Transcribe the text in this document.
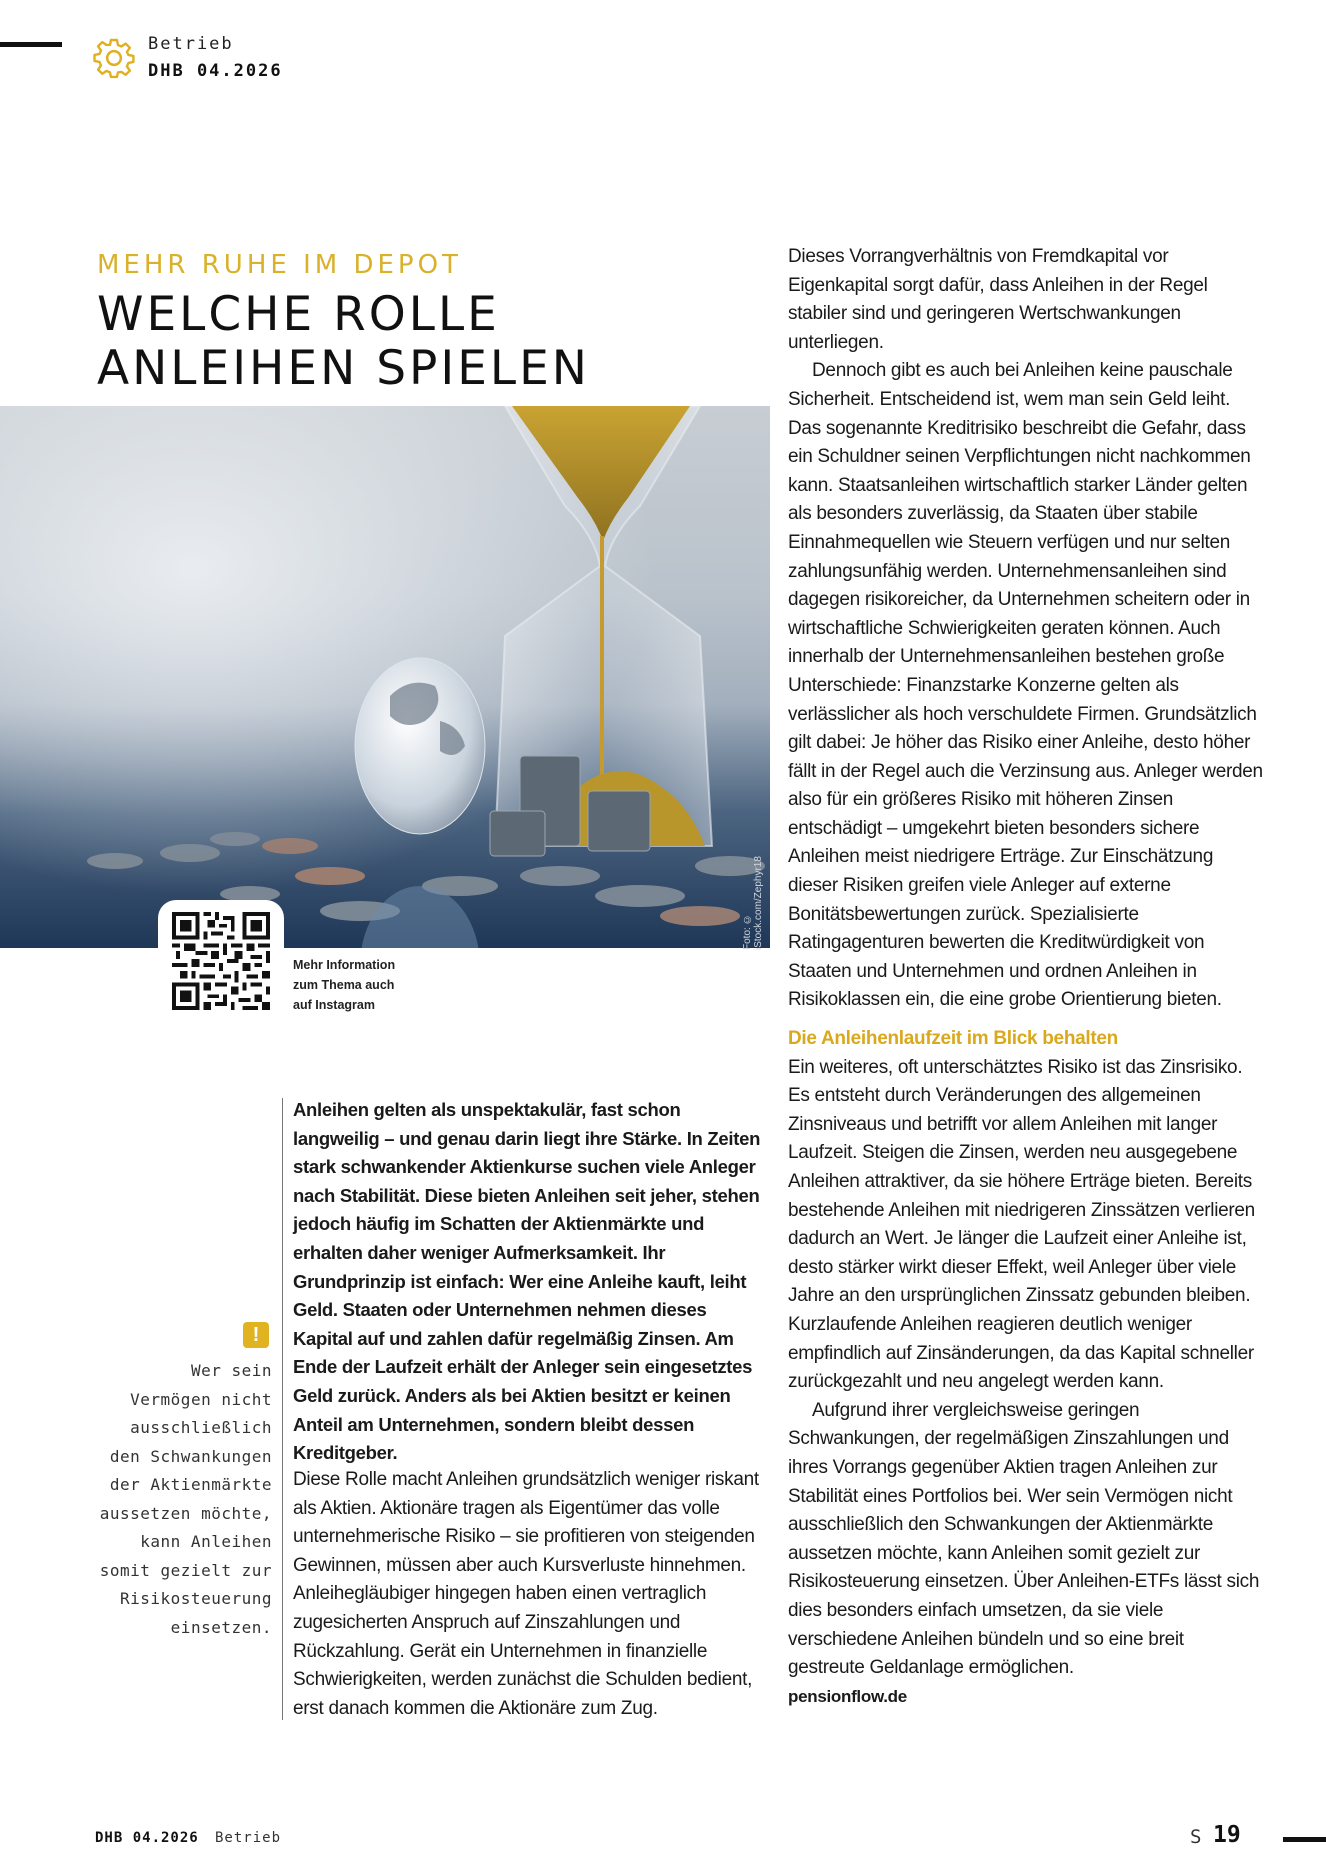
Betrieb
DHB 04.2026
MEHR RUHE IM DEPOT
WELCHE ROLLE
ANLEIHEN SPIELEN
Foto: © iStock.com/Zephyr18
Mehr Information
zum Thema auch
auf Instagram

Anleihen gelten als unspektakulär, fast schon langweilig – und genau darin liegt ihre Stärke. In Zeiten stark schwankender Aktienkurse suchen viele Anleger nach Stabilität. Diese bieten Anleihen seit jeher, stehen jedoch häufig im Schatten der Aktienmärkte und erhalten daher weniger Aufmerksamkeit. Ihr Grundprinzip ist einfach: Wer eine Anleihe kauft, leiht Geld. Staaten oder Unternehmen nehmen dieses Kapital auf und zahlen dafür regelmäßig Zinsen. Am Ende der Laufzeit erhält der Anleger sein eingesetztes Geld zurück. Anders als bei Aktien besitzt er keinen Anteil am Unternehmen, sondern bleibt dessen Kreditgeber.

Diese Rolle macht Anleihen grundsätzlich weniger riskant als Aktien. Aktionäre tragen als Eigentümer das volle unternehmerische Risiko – sie profitieren von steigenden Gewinnen, müssen aber auch Kursverluste hinnehmen. Anleihegläubiger hingegen haben einen vertraglich zugesicherten Anspruch auf Zinszahlungen und Rückzahlung. Gerät ein Unternehmen in finanzielle Schwierigkeiten, werden zunächst die Schulden bedient, erst danach kommen die Aktionäre zum Zug.

Dieses Vorrangverhältnis von Fremdkapital vor Eigenkapital sorgt dafür, dass Anleihen in der Regel stabiler sind und geringeren Wertschwankungen unterliegen.

Dennoch gibt es auch bei Anleihen keine pauschale Sicherheit. Entscheidend ist, wem man sein Geld leiht. Das sogenannte Kreditrisiko beschreibt die Gefahr, dass ein Schuldner seinen Verpflichtungen nicht nachkommen kann. Staatsanleihen wirtschaftlich starker Länder gelten als besonders zuverlässig, da Staaten über stabile Einnahmequellen wie Steuern verfügen und nur selten zahlungsunfähig werden. Unternehmensanleihen sind dagegen risikoreicher, da Unternehmen scheitern oder in wirtschaftliche Schwierigkeiten geraten können. Auch innerhalb der Unternehmensanleihen bestehen große Unterschiede: Finanzstarke Konzerne gelten als verlässlicher als hoch verschuldete Firmen. Grundsätzlich gilt dabei: Je höher das Risiko einer Anleihe, desto höher fällt in der Regel auch die Verzinsung aus. Anleger werden also für ein größeres Risiko mit höheren Zinsen entschädigt – umgekehrt bieten besonders sichere Anleihen meist niedrigere Erträge. Zur Einschätzung dieser Risiken greifen viele Anleger auf externe Bonitätsbewertungen zurück. Spezialisierte Ratingagenturen bewerten die Kreditwürdigkeit von Staaten und Unternehmen und ordnen Anleihen in Risikoklassen ein, die eine grobe Orientierung bieten.

Die Anleihenlaufzeit im Blick behalten

Ein weiteres, oft unterschätztes Risiko ist das Zinsrisiko. Es entsteht durch Veränderungen des allgemeinen Zinsniveaus und betrifft vor allem Anleihen mit langer Laufzeit. Steigen die Zinsen, werden neu ausgegebene Anleihen attraktiver, da sie höhere Erträge bieten. Bereits bestehende Anleihen mit niedrigeren Zinssätzen verlieren dadurch an Wert. Je länger die Laufzeit einer Anleihe ist, desto stärker wirkt dieser Effekt, weil Anleger über viele Jahre an den ursprünglichen Zinssatz gebunden bleiben. Kurzlaufende Anleihen reagieren deutlich weniger empfindlich auf Zinsänderungen, da das Kapital schneller zurückgezahlt und neu angelegt werden kann.

Aufgrund ihrer vergleichsweise geringen Schwankungen, der regelmäßigen Zinszahlungen und ihres Vorrangs gegenüber Aktien tragen Anleihen zur Stabilität eines Portfolios bei. Wer sein Vermögen nicht ausschließlich den Schwankungen der Aktienmärkte aussetzen möchte, kann Anleihen somit gezielt zur Risikosteuerung einsetzen. Über Anleihen-ETFs lässt sich dies besonders einfach umsetzen, da sie viele verschiedene Anleihen bündeln und so eine breit gestreute Geldanlage ermöglichen.

pensionflow.de

!
Wer sein
Vermögen nicht
ausschließlich
den Schwankungen
der Aktienmärkte
aussetzen möchte,
kann Anleihen
somit gezielt zur
Risikosteuerung
einsetzen.
DHB 04.2026 Betrieb	S 19
